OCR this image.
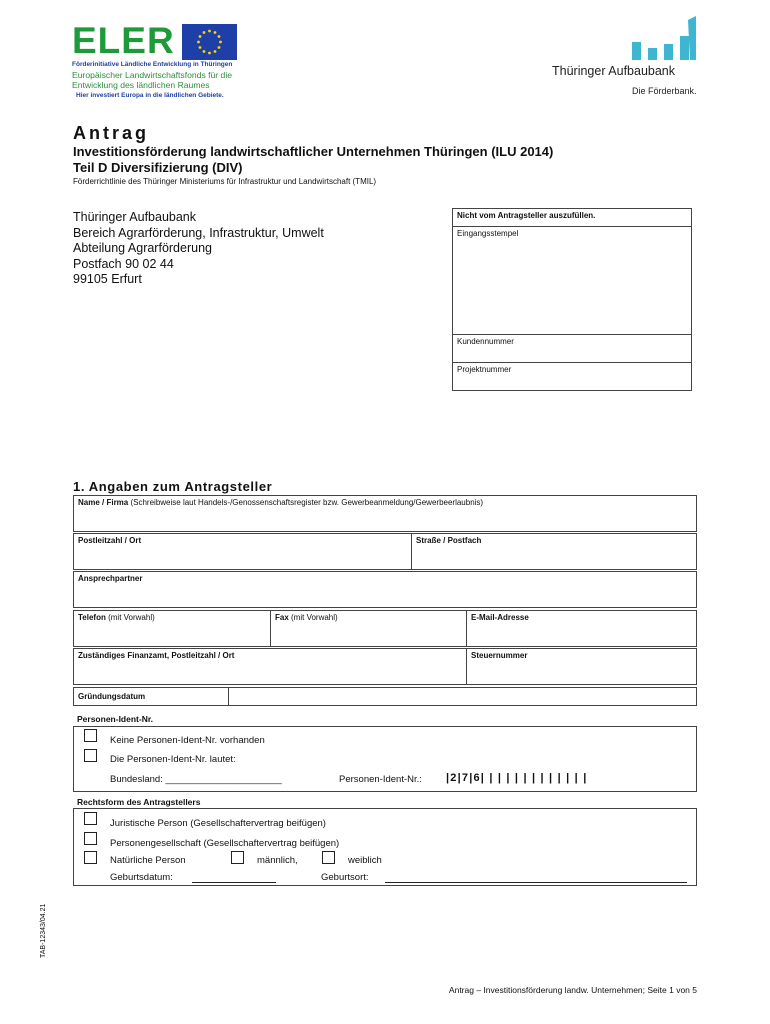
ELER
Förderinitiative Ländliche Entwicklung in Thüringen
Europäischer Landwirtschaftsfonds für die Entwicklung des ländlichen Raumes
Hier investiert Europa in die ländlichen Gebiete.
Thüringer Aufbaubank
Die Förderbank.
Antrag
Investitionsförderung landwirtschaftlicher Unternehmen Thüringen (ILU 2014)
Teil D Diversifizierung (DIV)
Förderrichtlinie des Thüringer Ministeriums für Infrastruktur und Landwirtschaft (TMIL)
Thüringer Aufbaubank
Bereich Agrarförderung, Infrastruktur, Umwelt
Abteilung Agrarförderung
Postfach 90 02 44
99105 Erfurt
Nicht vom Antragsteller auszufüllen.
Eingangsstempel
Kundennummer
Projektnummer
1. Angaben zum Antragsteller
Name / Firma (Schreibweise laut Handels-/Genossenschaftsregister bzw. Gewerbeanmeldung/Gewerbeerlaubnis)
Postleitzahl / Ort	Straße / Postfach
Ansprechpartner
Telefon (mit Vorwahl)	Fax (mit Vorwahl)	E-Mail-Adresse
Zuständiges Finanzamt, Postleitzahl / Ort	Steuernummer
Gründungsdatum
Personen-Ident-Nr.
Keine Personen-Ident-Nr. vorhanden
Die Personen-Ident-Nr. lautet:
Bundesland: ______________________	Personen-Ident-Nr.: |2|7|6| | | | | | | | | | | | |
Rechtsform des Antragstellers
Juristische Person (Gesellschaftervertrag beifügen)
Personengesellschaft (Gesellschaftervertrag beifügen)
Natürliche Person	männlich,	weiblich
Geburtsdatum:	Geburtsort:
TAB-12343/04.21
Antrag – Investitionsförderung landw. Unternehmen; Seite 1 von 5
